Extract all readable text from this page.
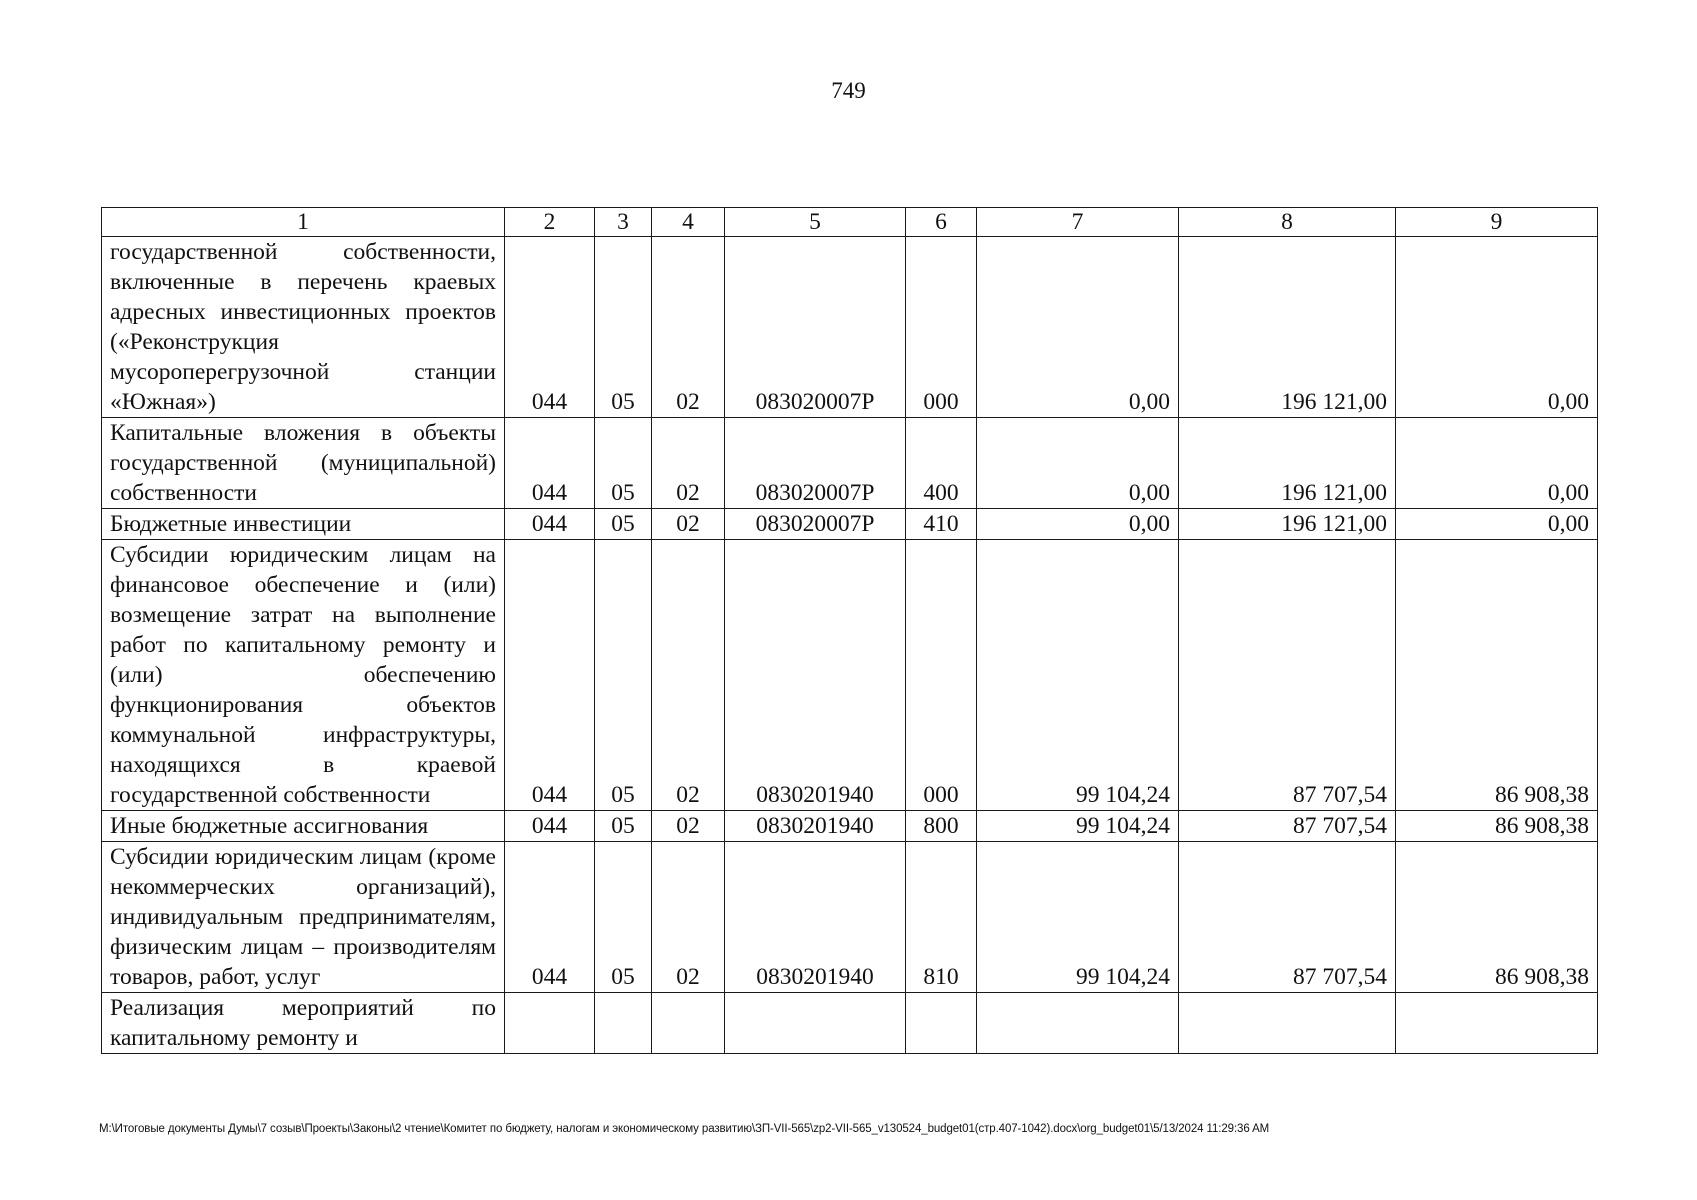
749
1	2	3	4	5	6	7	8	9
государственной собственности, включенные в перечень краевых адресных инвестиционных проектов («Реконструкция мусороперегрузочной станции «Южная»)	044	05	02	083020007Р	000	0,00	196 121,00	0,00
Капитальные вложения в объекты государственной (муниципальной) собственности	044	05	02	083020007Р	400	0,00	196 121,00	0,00
Бюджетные инвестиции	044	05	02	083020007Р	410	0,00	196 121,00	0,00
Субсидии юридическим лицам на финансовое обеспечение и (или) возмещение затрат на выполнение работ по капитальному ремонту и (или) обеспечению функционирования объектов коммунальной инфраструктуры, находящихся в краевой государственной собственности	044	05	02	0830201940	000	99 104,24	87 707,54	86 908,38
Иные бюджетные ассигнования	044	05	02	0830201940	800	99 104,24	87 707,54	86 908,38
Субсидии юридическим лицам (кроме некоммерческих организаций), индивидуальным предпринимателям, физическим лицам – производителям товаров, работ, услуг	044	05	02	0830201940	810	99 104,24	87 707,54	86 908,38
Реализация мероприятий по капитальному ремонту и								
M:\Итоговые документы Думы\7 созыв\Проекты\Законы\2 чтение\Комитет по бюджету, налогам и экономическому развитию\ЗП-VII-565\zp2-VII-565_v130524_budget01(стр.407-1042).docx\org_budget01\5/13/2024 11:29:36 AM
